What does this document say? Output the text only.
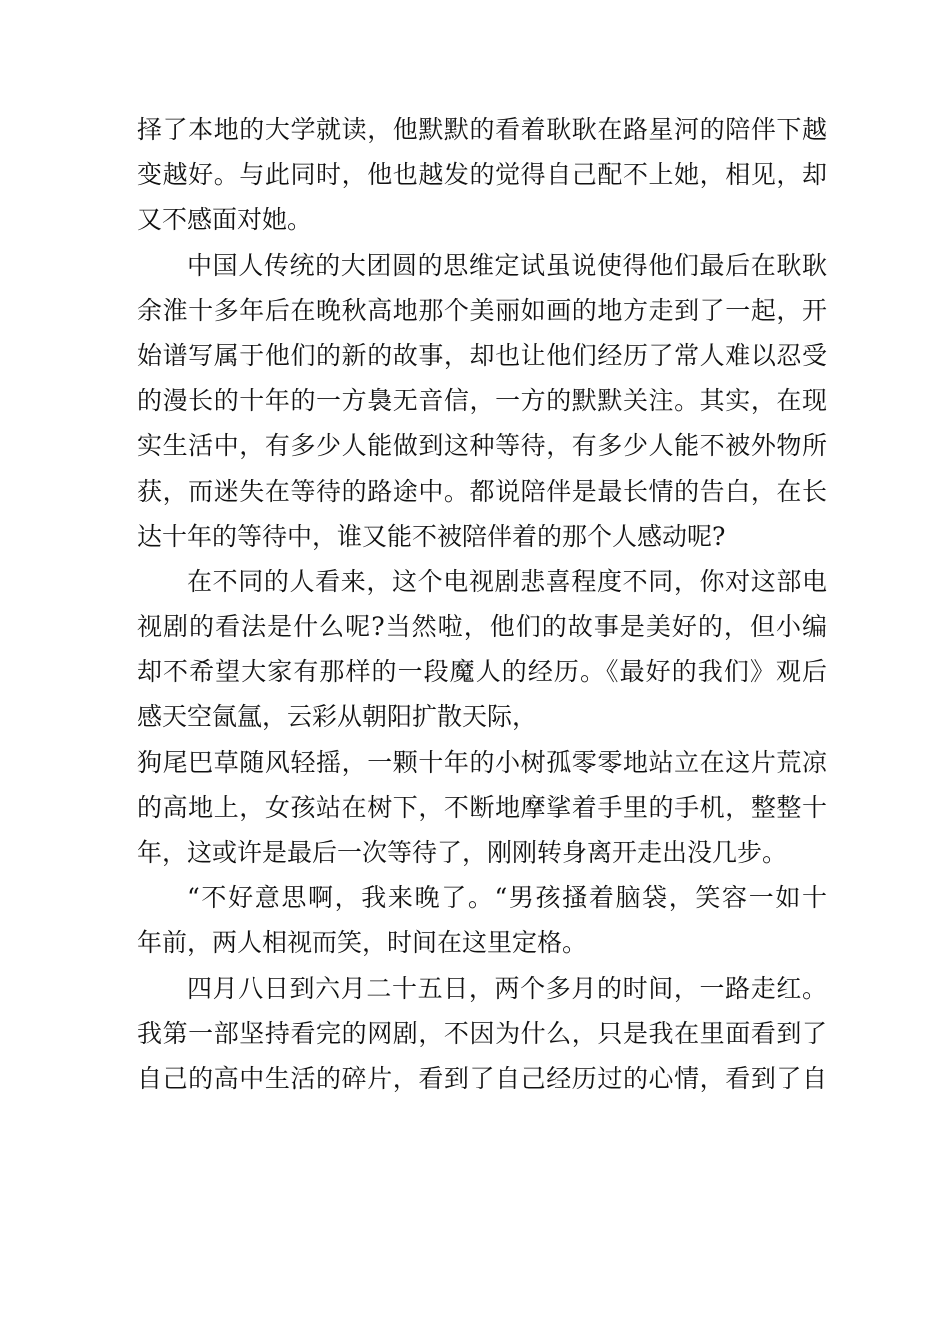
择了本地的大学就读，他默默的看着耿耿在路星河的陪伴下越
变越好。与此同时，他也越发的觉得自己配不上她，相见，却
又不感面对她。
中国人传统的大团圆的思维定试虽说使得他们最后在耿耿
余淮十多年后在晚秋高地那个美丽如画的地方走到了一起，开
始谱写属于他们的新的故事，却也让他们经历了常人难以忍受
的漫长的十年的一方裊无音信，一方的默默关注。其实，在现
实生活中，有多少人能做到这种等待，有多少人能不被外物所
获，而迷失在等待的路途中。都说陪伴是最长情的告白，在长
达十年的等待中，谁又能不被陪伴着的那个人感动呢?
在不同的人看来，这个电视剧悲喜程度不同，你对这部电
视剧的看法是什么呢?当然啦，他们的故事是美好的，但小编
却不希望大家有那样的一段魔人的经历。《最好的我们》观后
感天空氤氲，云彩从朝阳扩散天际，
狗尾巴草随风轻摇，一颗十年的小树孤零零地站立在这片荒凉
的高地上，女孩站在树下，不断地摩挲着手里的手机，整整十
年，这或许是最后一次等待了，刚刚转身离开走出没几步。
“不好意思啊，我来晚了。“男孩搔着脑袋，笑容一如十
年前，两人相视而笑，时间在这里定格。
四月八日到六月二十五日，两个多月的时间，一路走红。
我第一部坚持看完的网剧，不因为什么，只是我在里面看到了
自己的高中生活的碎片，看到了自己经历过的心情，看到了自
